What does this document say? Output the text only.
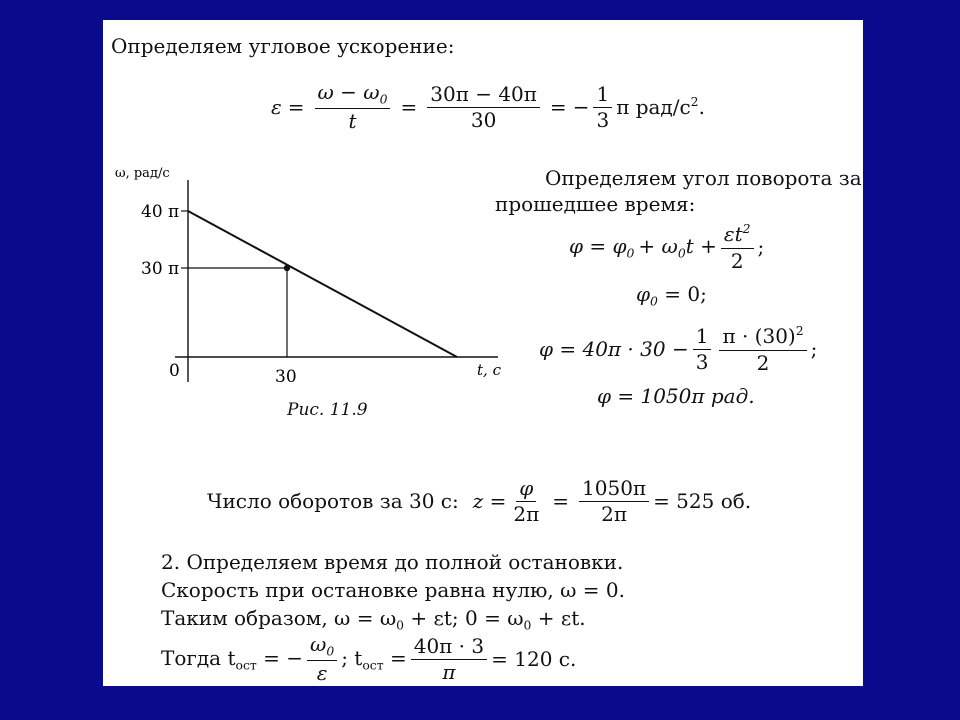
Определяем угловое ускорение:
$\varepsilon = \frac{\omega - \omega_0}{t} = \frac{30\pi - 40\pi}{30}$ = − $\frac{1}{3}$ π рад/$с^2$.
ω, рад/с
40 π
30 π
0	30	t, с
Рис. 11.9
Определяем угол поворота за
прошедшее время:
$\varphi = \varphi_0 + \omega_0t + \frac{\varepsilon t^2}{2}$ ;
$\varphi_0 = 0$;
$\varphi = 40\pi \cdot 30 - \frac{1}{3} \frac{\pi \cdot (30)^2}{2}$ ;
φ = 1050π рад.
Число оборотов за 30 с: $z = \frac{\varphi}{2\pi} = \frac{1050\pi}{2\pi} = 525$ об.
2. Определяем время до полной остановки.
Скорость при остановке равна нулю, ω = 0.
Таким образом, $\omega = \omega_0 + \varepsilon t$; $0 = \omega_0 + \varepsilon t$.
Тогда $t_{ост}$ = − $\frac{\omega_0}{\varepsilon}$ ; $t_{ост} = \frac{40\pi \cdot 3}{\pi} = 120$ с.
